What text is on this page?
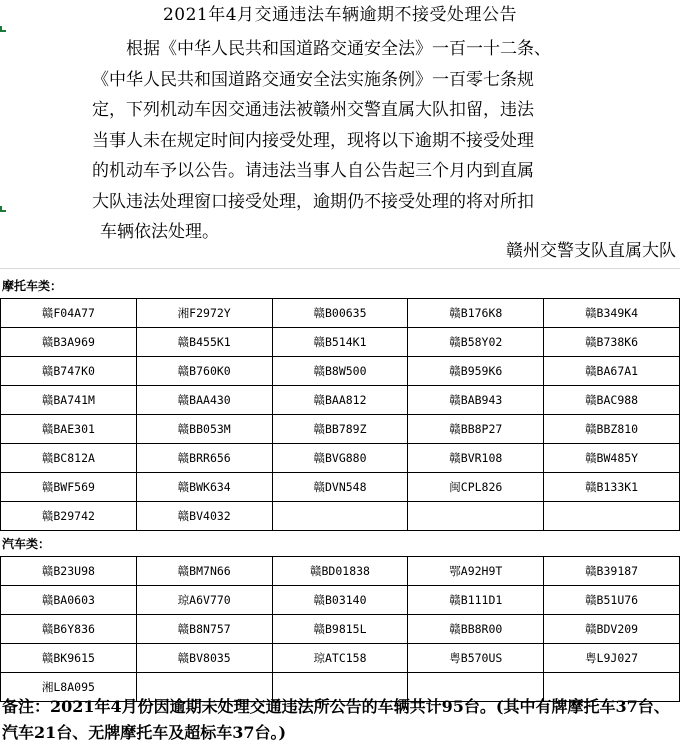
2021年4月交通违法车辆逾期不接受处理公告
根据《中华人民共和国道路交通安全法》一百一十二条、
《中华人民共和国道路交通安全法实施条例》一百零七条规
定，下列机动车因交通违法被赣州交警直属大队扣留，违法
当事人未在规定时间内接受处理，现将以下逾期不接受处理
的机动车予以公告。请违法当事人自公告起三个月内到直属
大队违法处理窗口接受处理，逾期仍不接受处理的将对所扣
车辆依法处理。
赣州交警支队直属大队
摩托车类：
赣F04A77	湘F2972Y	赣B00635	赣B176K8	赣B349K4
赣B3A969	赣B455K1	赣B514K1	赣B58Y02	赣B738K6
赣B747K0	赣B760K0	赣B8W500	赣B959K6	赣BA67A1
赣BA741M	赣BAA430	赣BAA812	赣BAB943	赣BAC988
赣BAE301	赣BB053M	赣BB789Z	赣BB8P27	赣BBZ810
赣BC812A	赣BRR656	赣BVG880	赣BVR108	赣BW485Y
赣BWF569	赣BWK634	赣DVN548	闽CPL826	赣B133K1
赣B29742	赣BV4032			
汽车类：
赣B23U98	赣BM7N66	赣BD01838	鄂A92H9T	赣B39187
赣BA0603	琼A6V770	赣B03140	赣B111D1	赣B51U76
赣B6Y836	赣B8N757	赣B9815L	赣BB8R00	赣BDV209
赣BK9615	赣BV8035	琼ATC158	粤B570US	粤L9J027
湘L8A095				
备注：2021年4月份因逾期未处理交通违法所公告的车辆共计95台。(其中有牌摩托车37台、汽车21台、无牌摩托车及超标车37台。)
